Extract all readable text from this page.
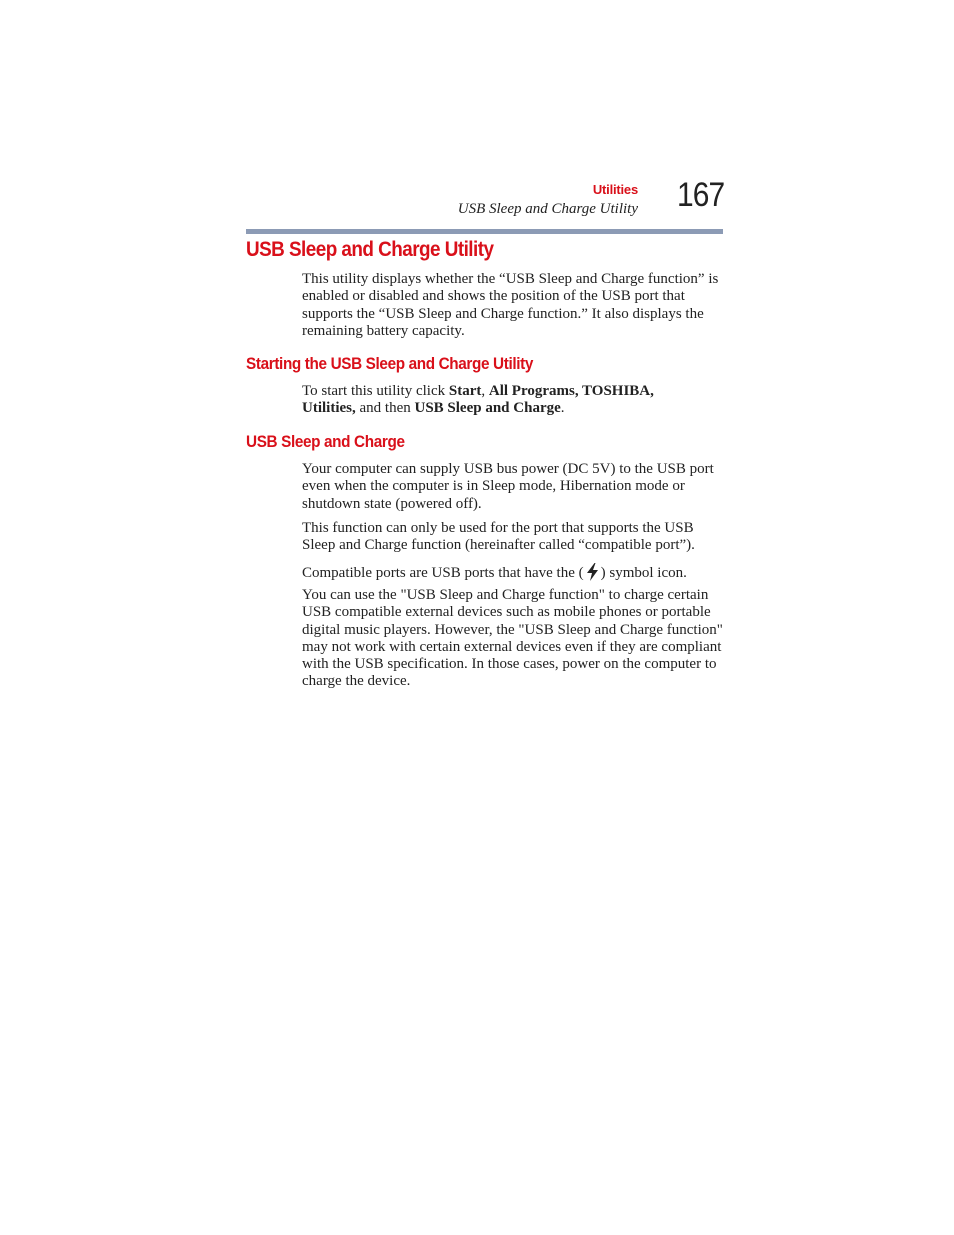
Utilities
USB Sleep and Charge Utility 167
USB Sleep and Charge Utility

This utility displays whether the “USB Sleep and Charge function” is enabled or disabled and shows the position of the USB port that supports the “USB Sleep and Charge function.” It also displays the remaining battery capacity.

Starting the USB Sleep and Charge Utility

To start this utility click Start, All Programs, TOSHIBA, Utilities, and then USB Sleep and Charge.

USB Sleep and Charge

Your computer can supply USB bus power (DC 5V) to the USB port even when the computer is in Sleep mode, Hibernation mode or shutdown state (powered off).

This function can only be used for the port that supports the USB Sleep and Charge function (hereinafter called “compatible port”).

Compatible ports are USB ports that have the ( ) symbol icon.

You can use the "USB Sleep and Charge function" to charge certain USB compatible external devices such as mobile phones or portable digital music players. However, the "USB Sleep and Charge function" may not work with certain external devices even if they are compliant with the USB specification. In those cases, power on the computer to charge the device.
